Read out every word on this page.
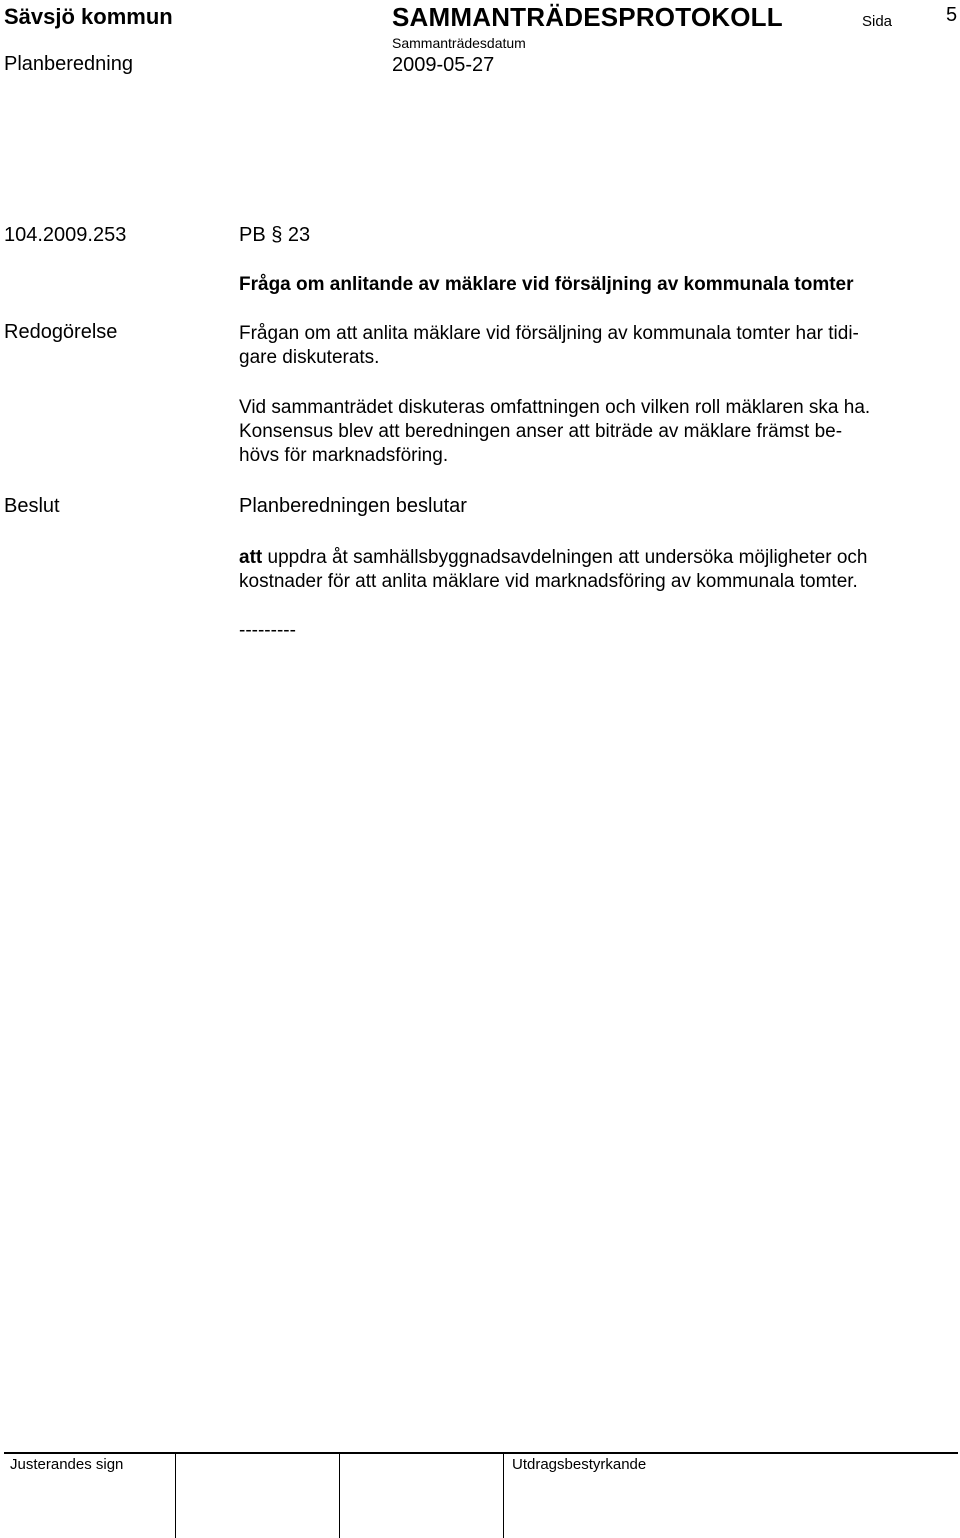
Sävsjö kommun	SAMMANTRÄDESPROTOKOLL	Sida	5
Planberedning
Sammanträdesdatum
2009-05-27
104.2009.253	PB § 23
Fråga om anlitande av mäklare vid försäljning av kommunala tomter
Redogörelse	Frågan om att anlita mäklare vid försäljning av kommunala tomter har tidi-
gare diskuterats.

Vid sammanträdet diskuteras omfattningen och vilken roll mäklaren ska ha.
Konsensus blev att beredningen anser att biträde av mäklare främst be-
hövs för marknadsföring.

Beslut	Planberedningen beslutar

att uppdra åt samhällsbyggnadsavdelningen att undersöka möjligheter och
kostnader för att anlita mäklare vid marknadsföring av kommunala tomter.

---------
Justerandes sign	Utdragsbestyrkande
